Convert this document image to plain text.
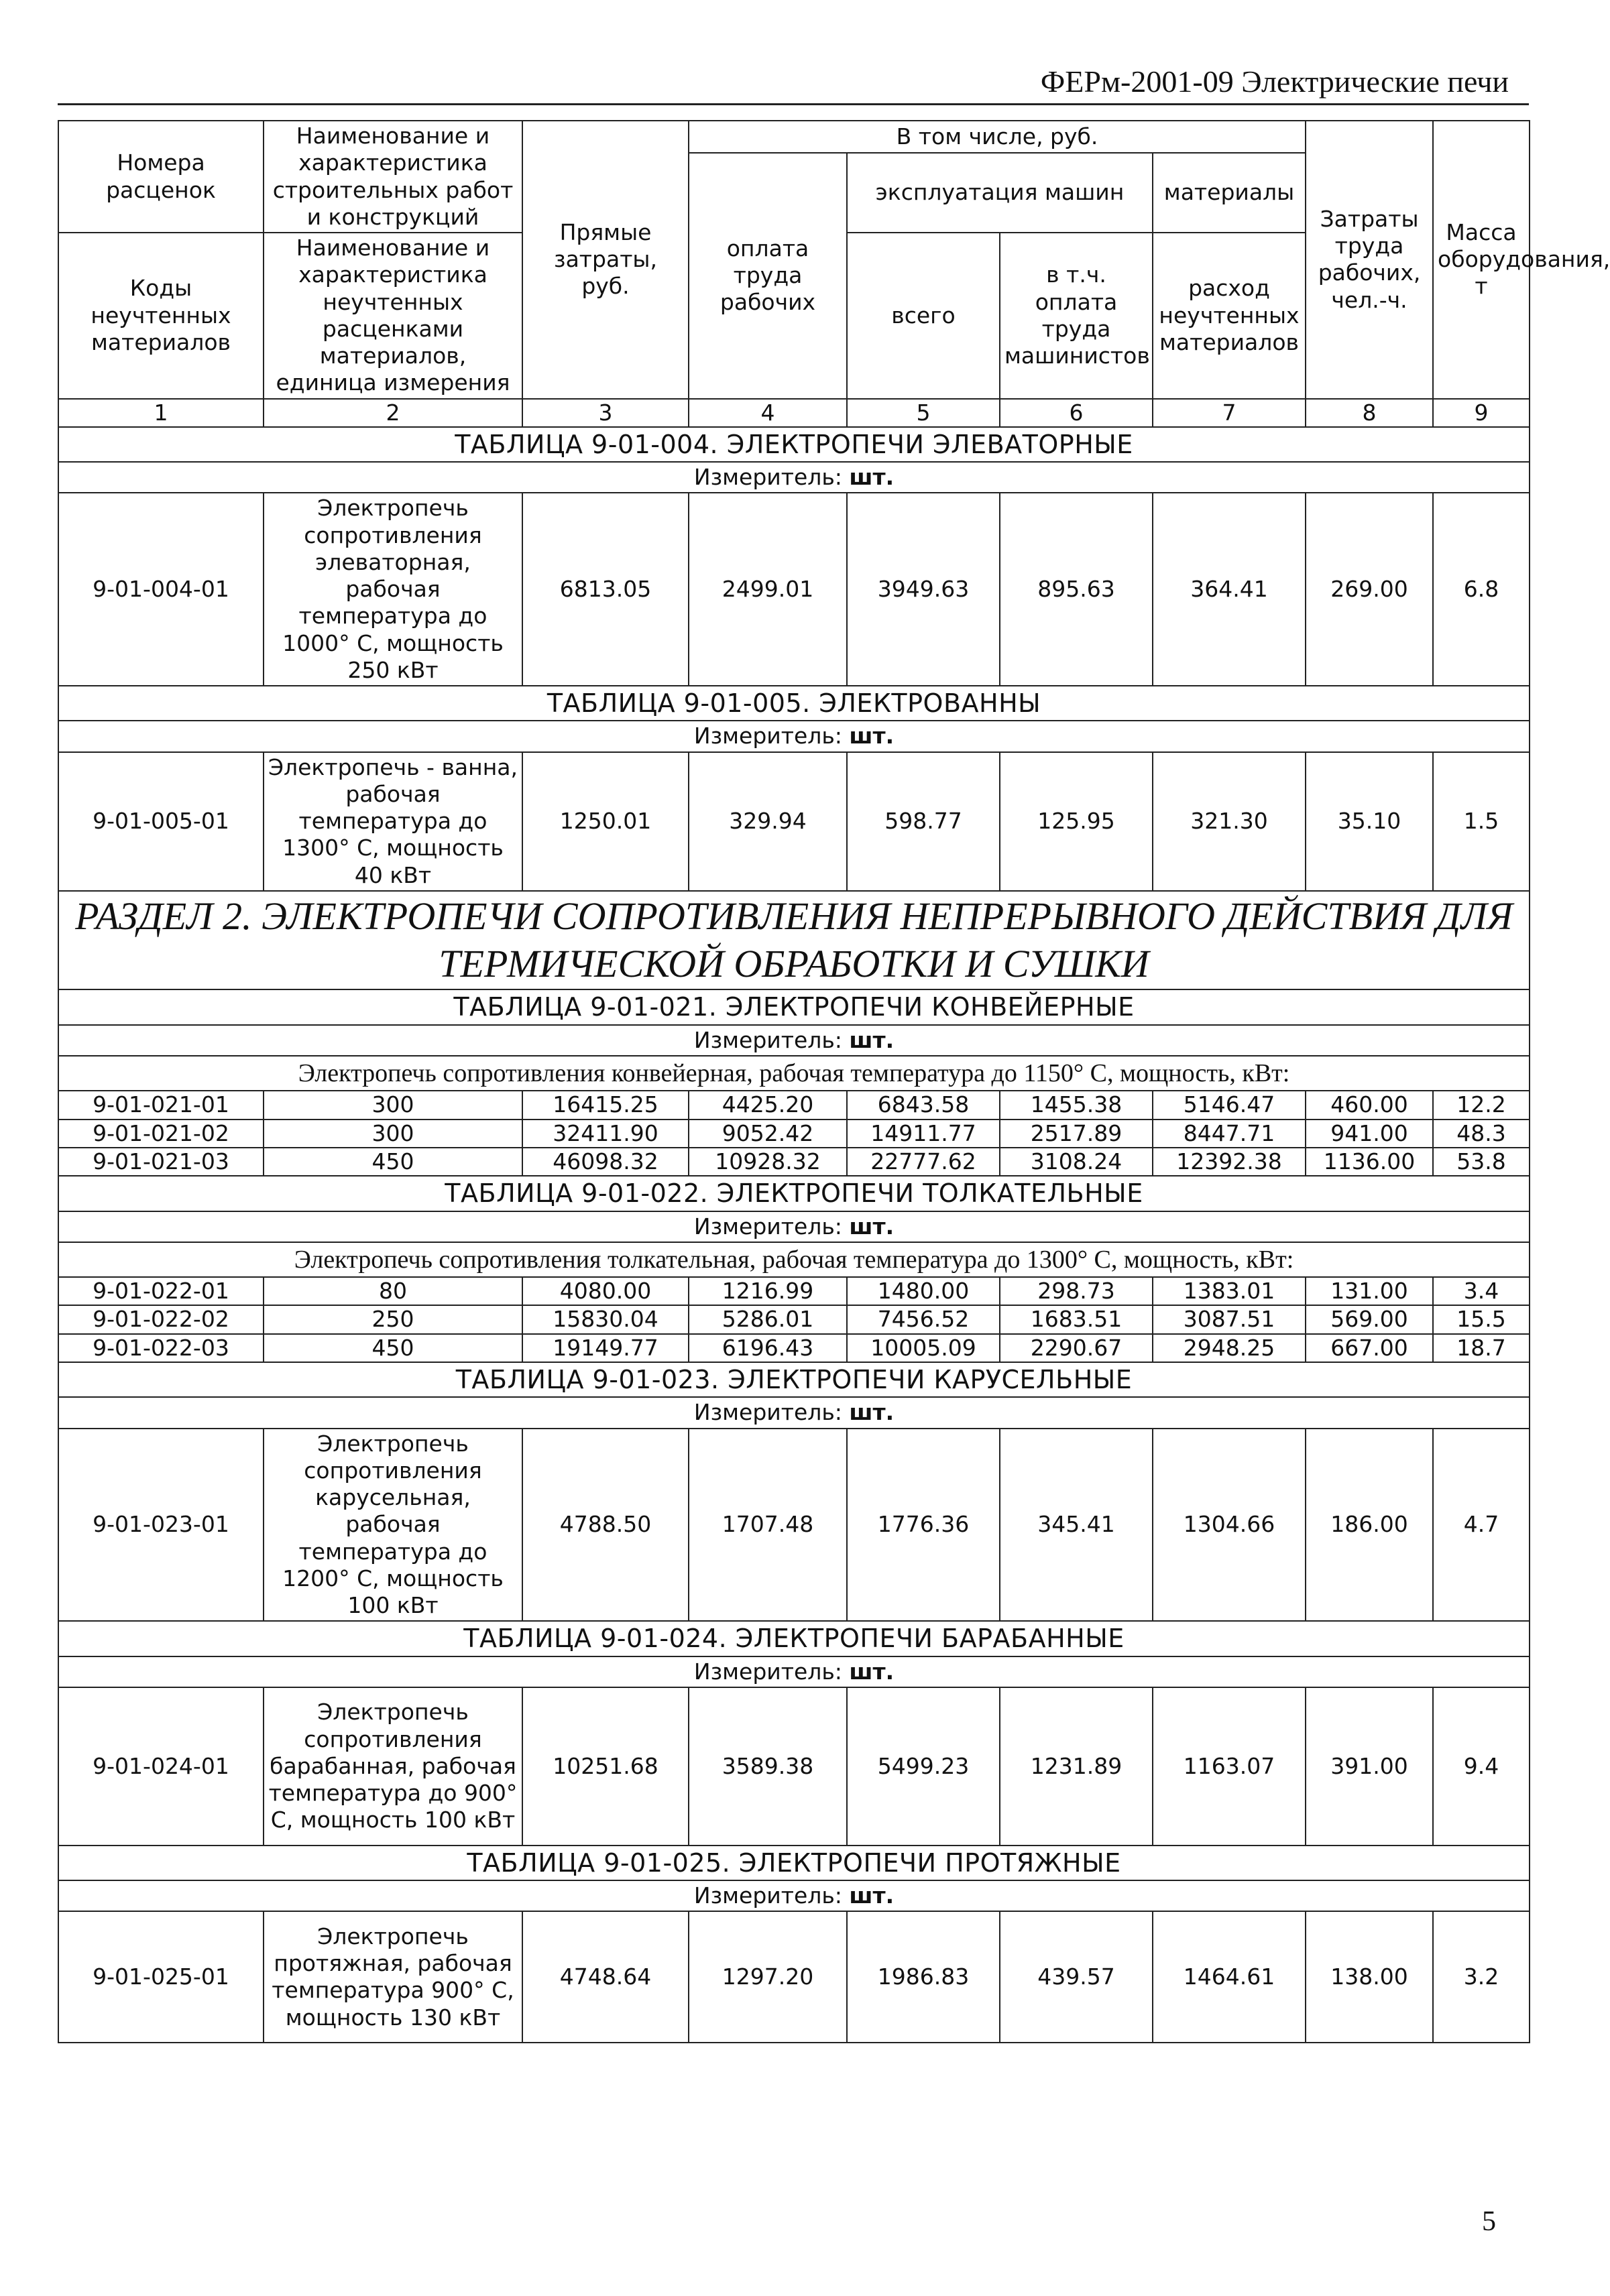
ФЕРм-2001-09 Электрические печи
Номера расценок	Наименование и характеристика строительных работ и конструкций	Прямые затраты, руб.	В том числе, руб.				Затраты труда рабочих, чел.-ч.	Масса оборудования, т
			оплата труда рабочих	эксплуатация машин		материалы		
Коды неучтенных материалов	Наименование и характеристика неучтенных расценками материалов, единица измерения			всего	в т.ч. оплата труда машинистов	расход неучтенных материалов		

1	2	3	4	5	6	7	8	9
ТАБЛИЦА 9-01-004. ЭЛЕКТРОПЕЧИ ЭЛЕВАТОРНЫЕ								
Измеритель: шт.								
9-01-004-01	Электропечь сопротивления элеваторная, рабочая температура до 1000° С, мощность 250 кВт	6813.05	2499.01	3949.63	895.63	364.41	269.00	6.8
ТАБЛИЦА 9-01-005. ЭЛЕКТРОВАННЫ								
Измеритель: шт.								
9-01-005-01	Электропечь - ванна, рабочая температура до 1300° С, мощность 40 кВт	1250.01	329.94	598.77	125.95	321.30	35.10	1.5
РАЗДЕЛ 2. ЭЛЕКТРОПЕЧИ СОПРОТИВЛЕНИЯ НЕПРЕРЫВНОГО ДЕЙСТВИЯ ДЛЯ ТЕРМИЧЕСКОЙ ОБРАБОТКИ И СУШКИ								
ТАБЛИЦА 9-01-021. ЭЛЕКТРОПЕЧИ КОНВЕЙЕРНЫЕ								
Измеритель: шт.								
Электропечь сопротивления конвейерная, рабочая температура до 1150° С, мощность, кВт:								
9-01-021-01	300	16415.25	4425.20	6843.58	1455.38	5146.47	460.00	12.2
9-01-021-02	300	32411.90	9052.42	14911.77	2517.89	8447.71	941.00	48.3
9-01-021-03	450	46098.32	10928.32	22777.62	3108.24	12392.38	1136.00	53.8
ТАБЛИЦА 9-01-022. ЭЛЕКТРОПЕЧИ ТОЛКАТЕЛЬНЫЕ								
Измеритель: шт.								
Электропечь сопротивления толкательная, рабочая температура до 1300° С, мощность, кВт:								
9-01-022-01	80	4080.00	1216.99	1480.00	298.73	1383.01	131.00	3.4
9-01-022-02	250	15830.04	5286.01	7456.52	1683.51	3087.51	569.00	15.5
9-01-022-03	450	19149.77	6196.43	10005.09	2290.67	2948.25	667.00	18.7
ТАБЛИЦА 9-01-023. ЭЛЕКТРОПЕЧИ КАРУСЕЛЬНЫЕ								
Измеритель: шт.								
9-01-023-01	Электропечь сопротивления карусельная, рабочая температура до 1200° С, мощность 100 кВт	4788.50	1707.48	1776.36	345.41	1304.66	186.00	4.7
ТАБЛИЦА 9-01-024. ЭЛЕКТРОПЕЧИ БАРАБАННЫЕ								
Измеритель: шт.								
9-01-024-01	Электропечь сопротивления барабанная, рабочая температура до 900° С, мощность 100 кВт	10251.68	3589.38	5499.23	1231.89	1163.07	391.00	9.4
ТАБЛИЦА 9-01-025. ЭЛЕКТРОПЕЧИ ПРОТЯЖНЫЕ								
Измеритель: шт.								
9-01-025-01	Электропечь протяжная, рабочая температура 900° С, мощность 130 кВт	4748.64	1297.20	1986.83	439.57	1464.61	138.00	3.2
5
